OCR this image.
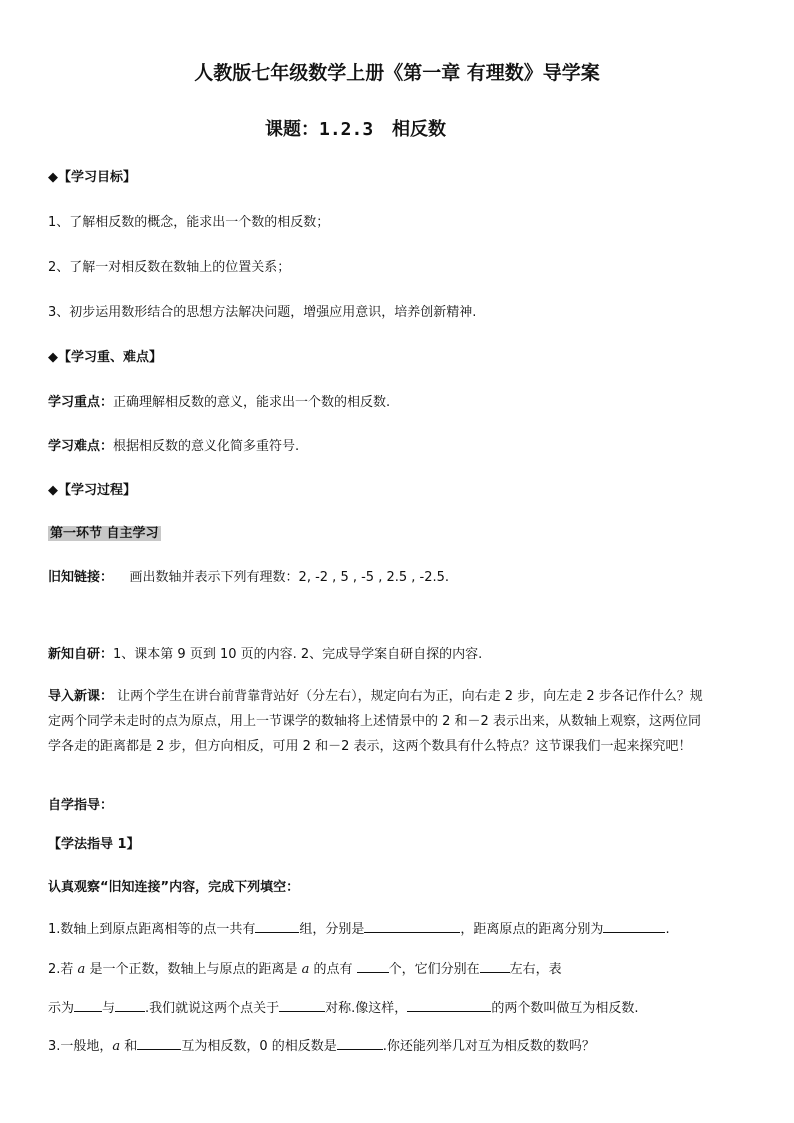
人教版七年级数学上册《第一章 有理数》导学案
课题：1.2.3 相反数
◆【学习目标】
1、了解相反数的概念，能求出一个数的相反数；
2、了解一对相反数在数轴上的位置关系；
3、初步运用数形结合的思想方法解决问题，增强应用意识，培养创新精神.
◆【学习重、难点】
学习重点：正确理解相反数的意义，能求出一个数的相反数.
学习难点：根据相反数的意义化简多重符号.
◆【学习过程】
第一环节 自主学习
旧知链接： 画出数轴并表示下列有理数：2, -2 , 5 , -5 , 2.5 , -2.5.
新知自研：1、课本第 9 页到 10 页的内容. 2、完成导学案自研自探的内容.
导入新课： 让两个学生在讲台前背靠背站好（分左右），规定向右为正，向右走 2 步，向左走 2 步各记作什么？规
定两个同学未走时的点为原点，用上一节课学的数轴将上述情景中的 2 和－2 表示出来，从数轴上观察，这两位同
学各走的距离都是 2 步，但方向相反，可用 2 和－2 表示，这两个数具有什么特点？这节课我们一起来探究吧！
自学指导：
【学法指导 1】
认真观察“旧知连接”内容，完成下列填空：
1.数轴上到原点距离相等的点一共有	组，分别是	，距离原点的距离分别为	.
2.若 a 是一个正数，数轴上与原点的距离是 a 的点有 个，它们分别在 左右，表
示为 与 .我们就说这两个点关于	对称.像这样，	的两个数叫做互为相反数.
3.一般地，a 和	互为相反数，0 的相反数是	.你还能列举几对互为相反数的数吗？
